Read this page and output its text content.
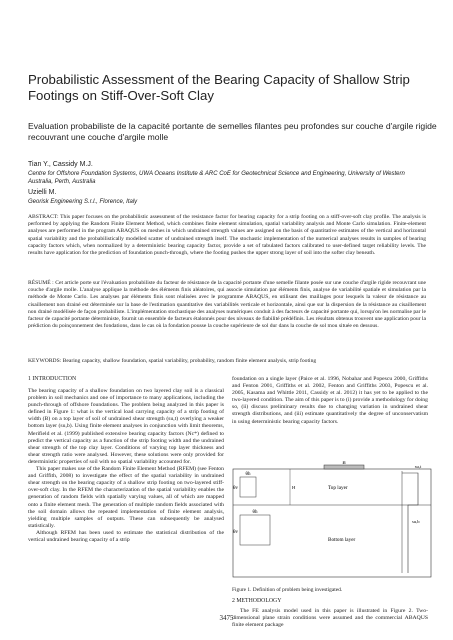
Probabilistic Assessment of the Bearing Capacity of Shallow Strip Footings on Stiff-Over-Soft Clay
Evaluation probabiliste de la capacité portante de semelles filantes peu profondes sur couche d'argile rigide recouvrant une couche d'argile molle
Tian Y., Cassidy M.J.
Centre for Offshore Foundation Systems, UWA Oceans Institute & ARC CoE for Geotechnical Science and Engineering, University of Western Australia, Perth, Australia
Uzielli M.
Georisk Engineering S.r.l., Florence, Italy
ABSTRACT: This paper focuses on the probabilistic assessment of the resistance factor for bearing capacity for a strip footing on a stiff-over-soft clay profile. The analysis is performed by applying the Random Finite Element Method, which combines finite element simulation, spatial variability analysis and Monte Carlo simulation. Finite-element analyses are performed in the program ABAQUS on meshes in which undrained strength values are assigned on the basis of quantitative estimates of the vertical and horizontal spatial variability and the probabilistically modelled scatter of undrained strength itself. The stochastic implementation of the numerical analyses results in samples of bearing capacity factors which, when normalized by a deterministic bearing capacity factor, provide a set of tabulated factors calibrated to user-defined target reliability levels. The results have application for the prediction of foundation punch-through, where the footing pushes the upper strong layer of soil into the softer clay beneath.
RÉSUMÉ : Cet article porte sur l'évaluation probabiliste du facteur de résistance de la capacité portante d'une semelle filante posée sur une couche d'argile rigide recouvrant une couche d'argile molle. L'analyse applique la méthode des éléments finis aléatoires, qui associe simulation par éléments finis, analyse de variabilité spatiale et simulation par la méthode de Monte Carlo. Les analyses par éléments finis sont réalisées avec le programme ABAQUS, en utilisant des maillages pour lesquels la valeur de résistance au cisaillement non drainé est déterminée sur la base de l'estimation quantitative des variabilités verticale et horizontale, ainsi que sur la dispersion de la résistance au cisaillement non drainé modélisée de façon probabiliste. L'implémentation stochastique des analyses numériques conduit à des facteurs de capacité portante qui, lorsqu'on les normalise par le facteur de capacité portante déterministe, fournit un ensemble de facteurs étalonnés pour des niveaux de fiabilité prédéfinis. Les résultats obtenus trouvent une application pour la prédiction du poinçonnement des fondations, dans le cas où la fondation pousse la couche supérieure de sol dur dans la couche de sol mou située en dessous.
KEYWORDS: Bearing capacity, shallow foundation, spatial variability, probability, random finite element analysis, strip footing
1 INTRODUCTION

The bearing capacity of a shallow foundation on two layered clay soil is a classical problem in soil mechanics and one of importance to many applications, including the punch-through of offshore foundations. The problem being analyzed in this paper is defined in Figure 1: what is the vertical load carrying capacity of a strip footing of width (B) on a top layer of soil of undrained shear strength (su,t) overlying a weaker bottom layer (su,b). Using finite element analyses in conjunction with limit theorems, Merifield et al. (1999) published extensive bearing capacity factors (Nc*) defined to predict the vertical capacity as a function of the strip footing width and the undrained shear strength of the top clay layer. Conditions of varying top layer thickness and shear strength ratio were analysed. However, these solutions were only provided for deterministic properties of soil with no spatial variability accounted for.

This paper makes use of the Random Finite Element Method (RFEM) (see Fenton and Griffith, 2008) to investigate the effect of the spatial variability in undrained shear strength on the bearing capacity of a shallow strip footing on two-layered stiff-over-soft clay. In the RFEM the characterization of the spatial variability enables the generation of random fields with spatially varying values, all of which are mapped onto a finite element mesh. The generation of multiple random fields associated with the soil domain allows the repeated implementation of finite element analysis, yielding multiple samples of outputs. These can subsequently be analysed statistically.

Although RFEM has been used to estimate the statistical distribution of the vertical undrained bearing capacity of a strip

foundation on a single layer (Paice et al. 1996, Nobahar and Popescu 2000, Griffiths and Fenton 2001, Griffiths et al. 2002, Fenton and Griffiths 2003, Popescu et al. 2005, Kasama and Whittle 2011, Cassidy et al. 2012) it has yet to be applied to the two-layered condition. The aim of this paper is to (i) provide a methodology for doing so, (ii) discuss preliminary results due to changing variation in undrained shear strength distributions, and (iii) estimate quantitatively the degree of unconservatism in using deterministic bearing capacity factors.

B
θh
θv	Top layer
θh
θv
Bottom layer
H
su,t
su,b
Figure 1. Definition of problem being investigated.
2 METHODOLOGY

The FE analysis model used in this paper is illustrated in Figure 2. Two-dimensional plane strain conditions were assumed and the commercial ABAQUS finite element package

3475
